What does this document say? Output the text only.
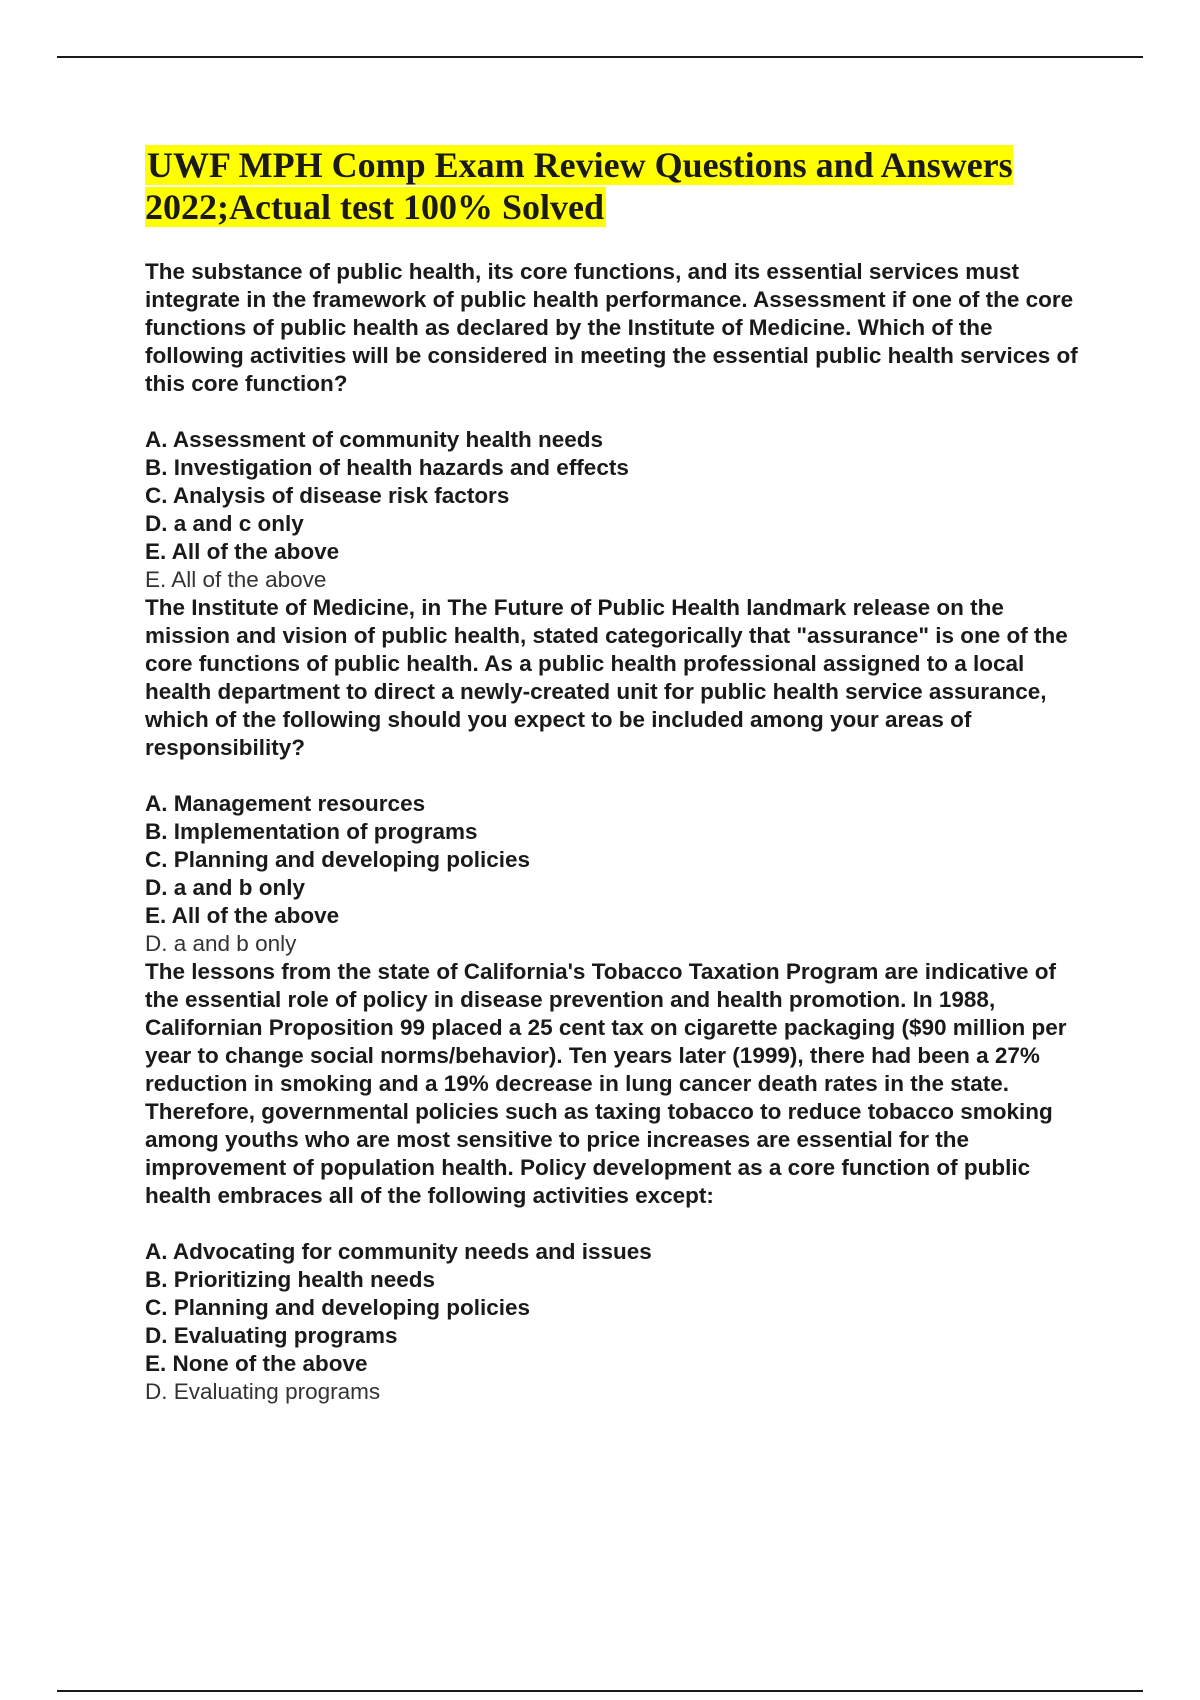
UWF MPH Comp Exam Review Questions and Answers 2022;Actual test 100% Solved

The substance of public health, its core functions, and its essential services must integrate in the framework of public health performance. Assessment if one of the core functions of public health as declared by the Institute of Medicine. Which of the following activities will be considered in meeting the essential public health services of this core function?

A. Assessment of community health needs
B. Investigation of health hazards and effects
C. Analysis of disease risk factors
D. a and c only
E. All of the above
E. All of the above

The Institute of Medicine, in The Future of Public Health landmark release on the mission and vision of public health, stated categorically that "assurance" is one of the core functions of public health. As a public health professional assigned to a local health department to direct a newly-created unit for public health service assurance, which of the following should you expect to be included among your areas of responsibility?

A. Management resources
B. Implementation of programs
C. Planning and developing policies
D. a and b only
E. All of the above
D. a and b only

The lessons from the state of California's Tobacco Taxation Program are indicative of the essential role of policy in disease prevention and health promotion. In 1988, Californian Proposition 99 placed a 25 cent tax on cigarette packaging ($90 million per year to change social norms/behavior). Ten years later (1999), there had been a 27% reduction in smoking and a 19% decrease in lung cancer death rates in the state. Therefore, governmental policies such as taxing tobacco to reduce tobacco smoking among youths who are most sensitive to price increases are essential for the improvement of population health. Policy development as a core function of public health embraces all of the following activities except:

A. Advocating for community needs and issues
B. Prioritizing health needs
C. Planning and developing policies
D. Evaluating programs
E. None of the above
D. Evaluating programs
